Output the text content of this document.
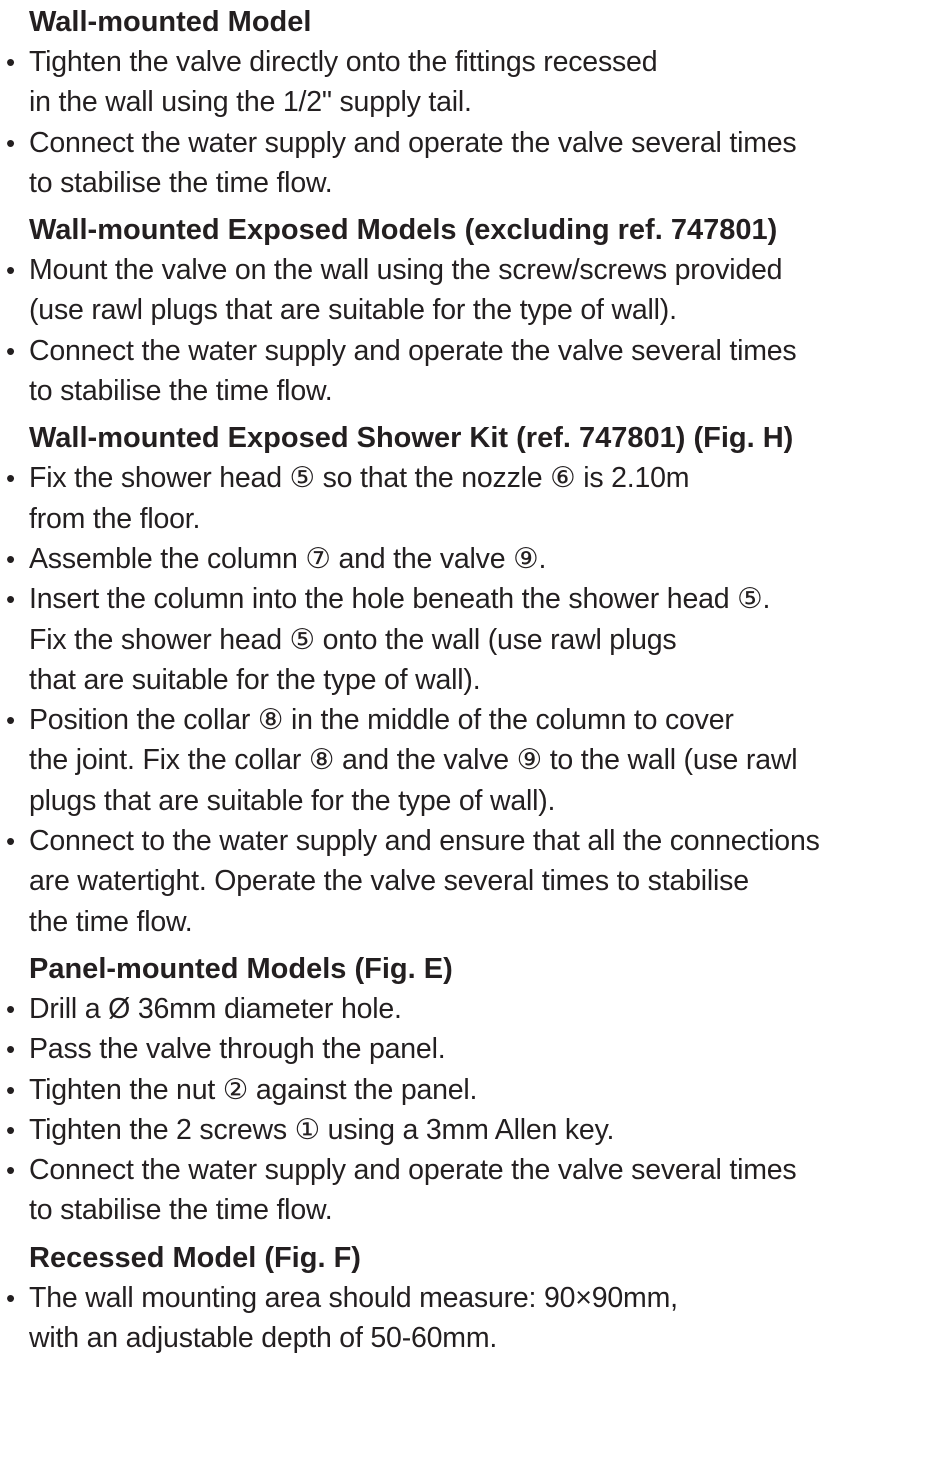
Wall-mounted Model
• Tighten the valve directly onto the fittings recessed
in the wall using the 1/2" supply tail.
• Connect the water supply and operate the valve several times
to stabilise the time flow.
Wall-mounted Exposed Models (excluding ref. 747801)
• Mount the valve on the wall using the screw/screws provided
(use rawl plugs that are suitable for the type of wall).
• Connect the water supply and operate the valve several times
to stabilise the time flow.
Wall-mounted Exposed Shower Kit (ref. 747801) (Fig. H)
• Fix the shower head ⑤ so that the nozzle ⑥ is 2.10m
from the floor.
• Assemble the column ⑦ and the valve ⑨.
• Insert the column into the hole beneath the shower head ⑤.
Fix the shower head ⑤ onto the wall (use rawl plugs
that are suitable for the type of wall).
• Position the collar ⑧ in the middle of the column to cover
the joint. Fix the collar ⑧ and the valve ⑨ to the wall (use rawl
plugs that are suitable for the type of wall).
• Connect to the water supply and ensure that all the connections
are watertight. Operate the valve several times to stabilise
the time flow.
Panel-mounted Models (Fig. E)
• Drill a Ø 36mm diameter hole.
• Pass the valve through the panel.
• Tighten the nut ② against the panel.
• Tighten the 2 screws ① using a 3mm Allen key.
• Connect the water supply and operate the valve several times
to stabilise the time flow.
Recessed Model (Fig. F)
• The wall mounting area should measure: 90×90mm,
with an adjustable depth of 50-60mm.
